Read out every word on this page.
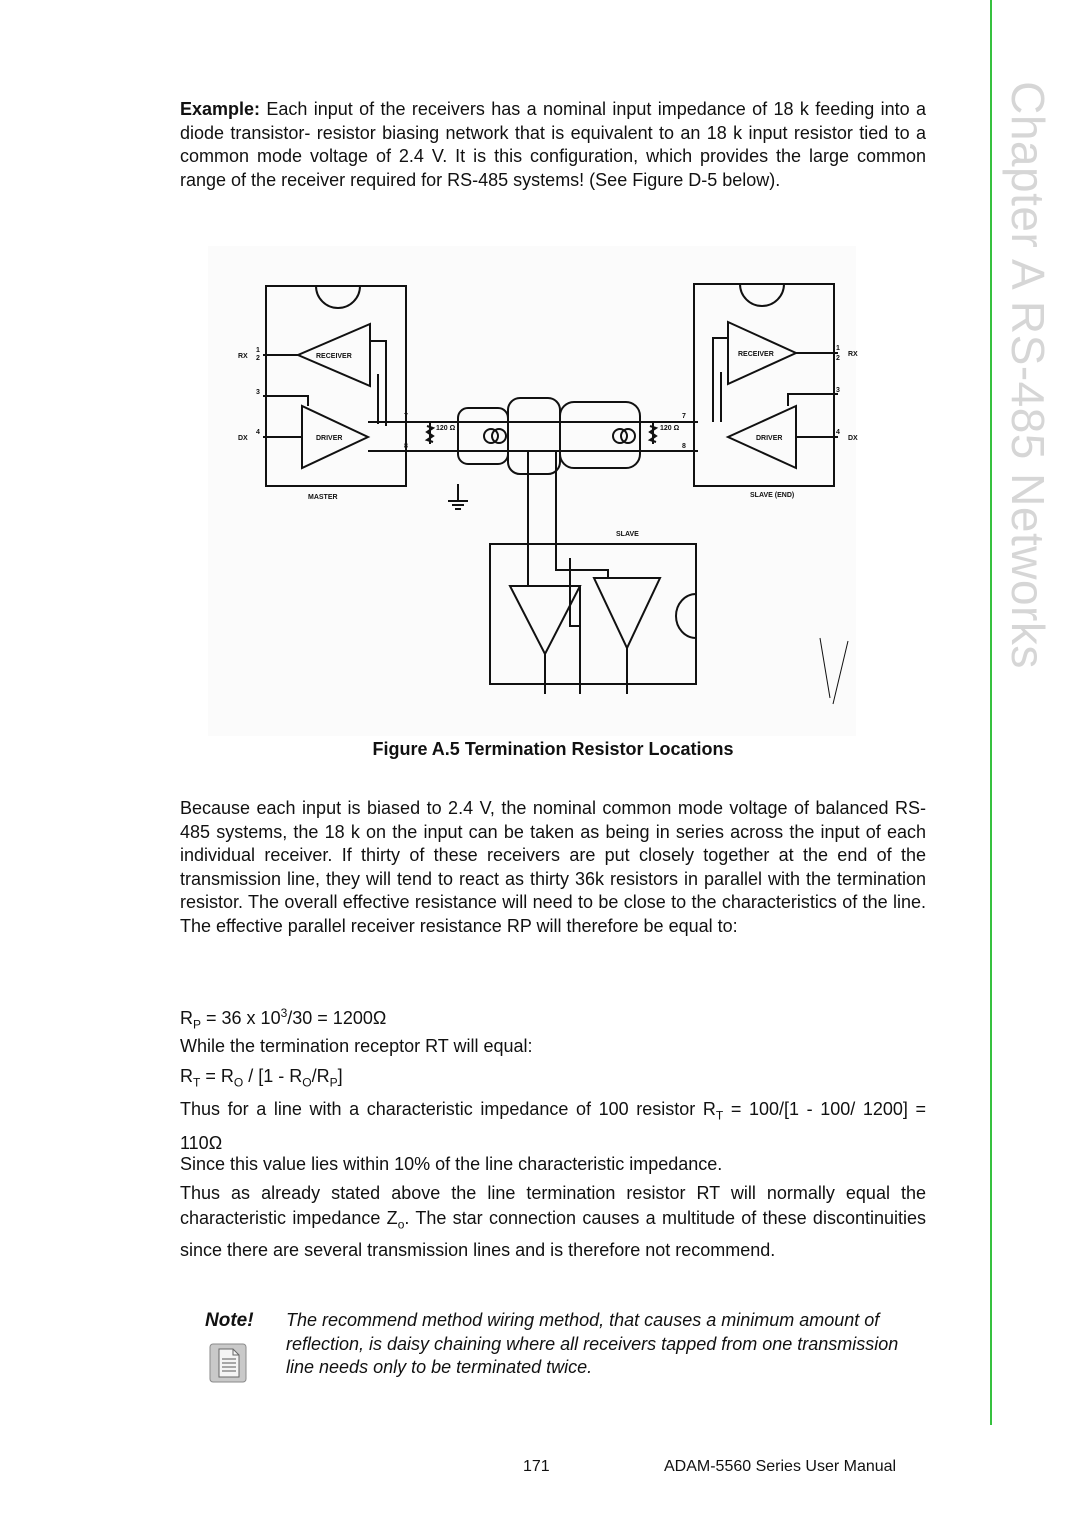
Chapter A RS-485 Networks

Example: Each input of the receivers has a nominal input impedance of 18 k feeding into a diode transistor- resistor biasing network that is equivalent to an 18 k input resistor tied to a common mode voltage of 2.4 V. It is this configuration, which provides the large common range of the receiver required for RS-485 systems! (See Figure D-5 below).

RX
DX
1
2
3
4
7
8
120 Ω	120 Ω
7
8
1
2
3
4
RX
DX
RECEIVER
DRIVER
RECEIVER
DRIVER
MASTER	SLAVE (END)
SLAVE
Figure A.5 Termination Resistor Locations

Because each input is biased to 2.4 V, the nominal common mode voltage of balanced RS-485 systems, the 18 k on the input can be taken as being in series across the input of each individual receiver. If thirty of these receivers are put closely together at the end of the transmission line, they will tend to react as thirty 36k resistors in parallel with the termination resistor. The overall effective resistance will need to be close to the characteristics of the line. The effective parallel receiver resistance RP will therefore be equal to:

$R_P = 36$ x $10^3/30 = 1200\Omega$

While the termination receptor RT will equal:

$R_T = R_O / [1 - R_O/R_P]$

Thus for a line with a characteristic impedance of 100 resistor $R_T = 100/[1 - 100/$ 1200] = 110Ω

Since this value lies within 10% of the line characteristic impedance.

Thus as already stated above the line termination resistor RT will normally equal the characteristic impedance $Z_o$. The star connection causes a multitude of these discontinuities since there are several transmission lines and is therefore not recommend.

Note! The recommend method wiring method, that causes a minimum amount of reflection, is daisy chaining where all receivers tapped from one transmission line needs only to be terminated twice.

171	ADAM-5560 Series User Manual
